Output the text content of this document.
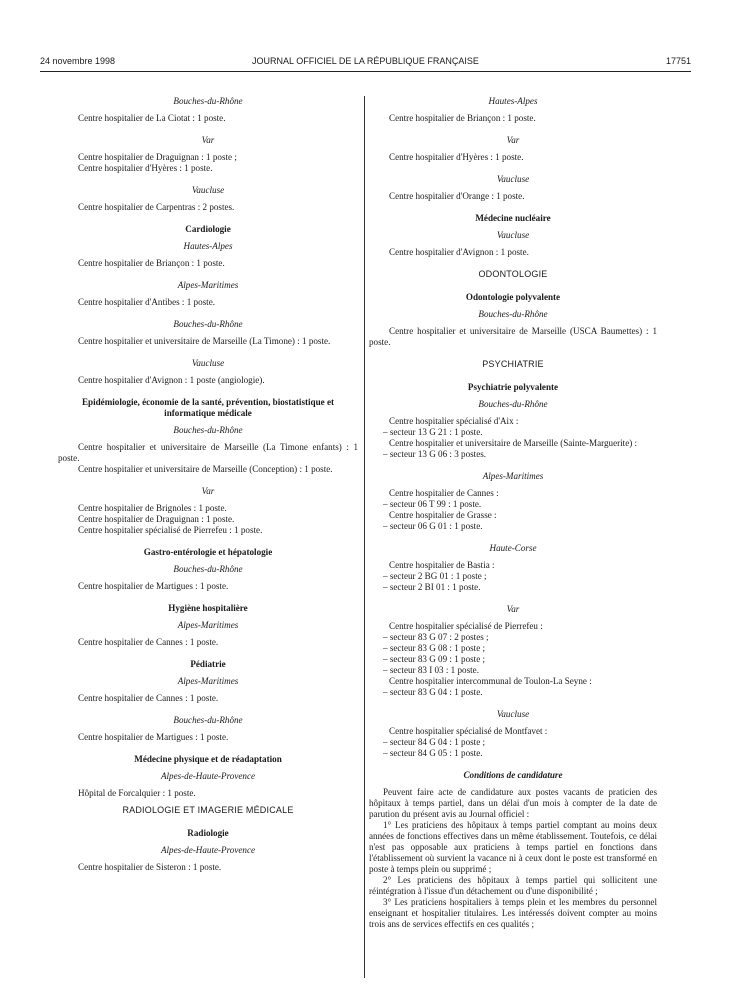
24 novembre 1998	JOURNAL OFFICIEL DE LA RÉPUBLIQUE FRANÇAISE	17751

Bouches-du-Rhône

Centre hospitalier de La Ciotat : 1 poste.

Var

Centre hospitalier de Draguignan : 1 poste ;

Centre hospitalier d'Hyères : 1 poste.

Vaucluse

Centre hospitalier de Carpentras : 2 postes.

Cardiologie

Hautes-Alpes

Centre hospitalier de Briançon : 1 poste.

Alpes-Maritimes

Centre hospitalier d'Antibes : 1 poste.

Bouches-du-Rhône

Centre hospitalier et universitaire de Marseille (La Timone) : 1 poste.

Vaucluse

Centre hospitalier d'Avignon : 1 poste (angiologie).

Epidémiologie, économie de la santé, prévention, biostatistique et informatique médicale

Bouches-du-Rhône

Centre hospitalier et universitaire de Marseille (La Timone enfants) : 1 poste.

Centre hospitalier et universitaire de Marseille (Conception) : 1 poste.

Var

Centre hospitalier de Brignoles : 1 poste.

Centre hospitalier de Draguignan : 1 poste.

Centre hospitalier spécialisé de Pierrefeu : 1 poste.

Gastro-entérologie et hépatologie

Bouches-du-Rhône

Centre hospitalier de Martigues : 1 poste.

Hygiène hospitalière

Alpes-Maritimes

Centre hospitalier de Cannes : 1 poste.

Pédiatrie

Alpes-Maritimes

Centre hospitalier de Cannes : 1 poste.

Bouches-du-Rhône

Centre hospitalier de Martigues : 1 poste.

Médecine physique et de réadaptation

Alpes-de-Haute-Provence

Hôpital de Forcalquier : 1 poste.

RADIOLOGIE ET IMAGERIE MÉDICALE

Radiologie

Alpes-de-Haute-Provence

Centre hospitalier de Sisteron : 1 poste.

Hautes-Alpes

Centre hospitalier de Briançon : 1 poste.

Var

Centre hospitalier d'Hyères : 1 poste.

Vaucluse

Centre hospitalier d'Orange : 1 poste.

Médecine nucléaire

Vaucluse

Centre hospitalier d'Avignon : 1 poste.

ODONTOLOGIE

Odontologie polyvalente

Bouches-du-Rhône

Centre hospitalier et universitaire de Marseille (USCA Baumettes) : 1 poste.

PSYCHIATRIE

Psychiatrie polyvalente

Bouches-du-Rhône

Centre hospitalier spécialisé d'Aix :

– secteur 13 G 21 : 1 poste.

Centre hospitalier et universitaire de Marseille (Sainte-Marguerite) :

– secteur 13 G 06 : 3 postes.

Alpes-Maritimes

Centre hospitalier de Cannes :

– secteur 06 T 99 : 1 poste.

Centre hospitalier de Grasse :

– secteur 06 G 01 : 1 poste.

Haute-Corse

Centre hospitalier de Bastia :

– secteur 2 BG 01 : 1 poste ;

– secteur 2 BI 01 : 1 poste.

Var

Centre hospitalier spécialisé de Pierrefeu :

– secteur 83 G 07 : 2 postes ;

– secteur 83 G 08 : 1 poste ;

– secteur 83 G 09 : 1 poste ;

– secteur 83 I 03 : 1 poste.

Centre hospitalier intercommunal de Toulon-La Seyne :

– secteur 83 G 04 : 1 poste.

Vaucluse

Centre hospitalier spécialisé de Montfavet :

– secteur 84 G 04 : 1 poste ;

– secteur 84 G 05 : 1 poste.

Conditions de candidature

Peuvent faire acte de candidature aux postes vacants de praticien des hôpitaux à temps partiel, dans un délai d'un mois à compter de la date de parution du présent avis au Journal officiel :

1° Les praticiens des hôpitaux à temps partiel comptant au moins deux années de fonctions effectives dans un même établissement. Toutefois, ce délai n'est pas opposable aux praticiens à temps partiel en fonctions dans l'établissement où survient la vacance ni à ceux dont le poste est transformé en poste à temps plein ou supprimé ;

2° Les praticiens des hôpitaux à temps partiel qui sollicitent une réintégration à l'issue d'un détachement ou d'une disponibilité ;

3° Les praticiens hospitaliers à temps plein et les membres du personnel enseignant et hospitalier titulaires. Les intéressés doivent compter au moins trois ans de services effectifs en ces qualités ;
